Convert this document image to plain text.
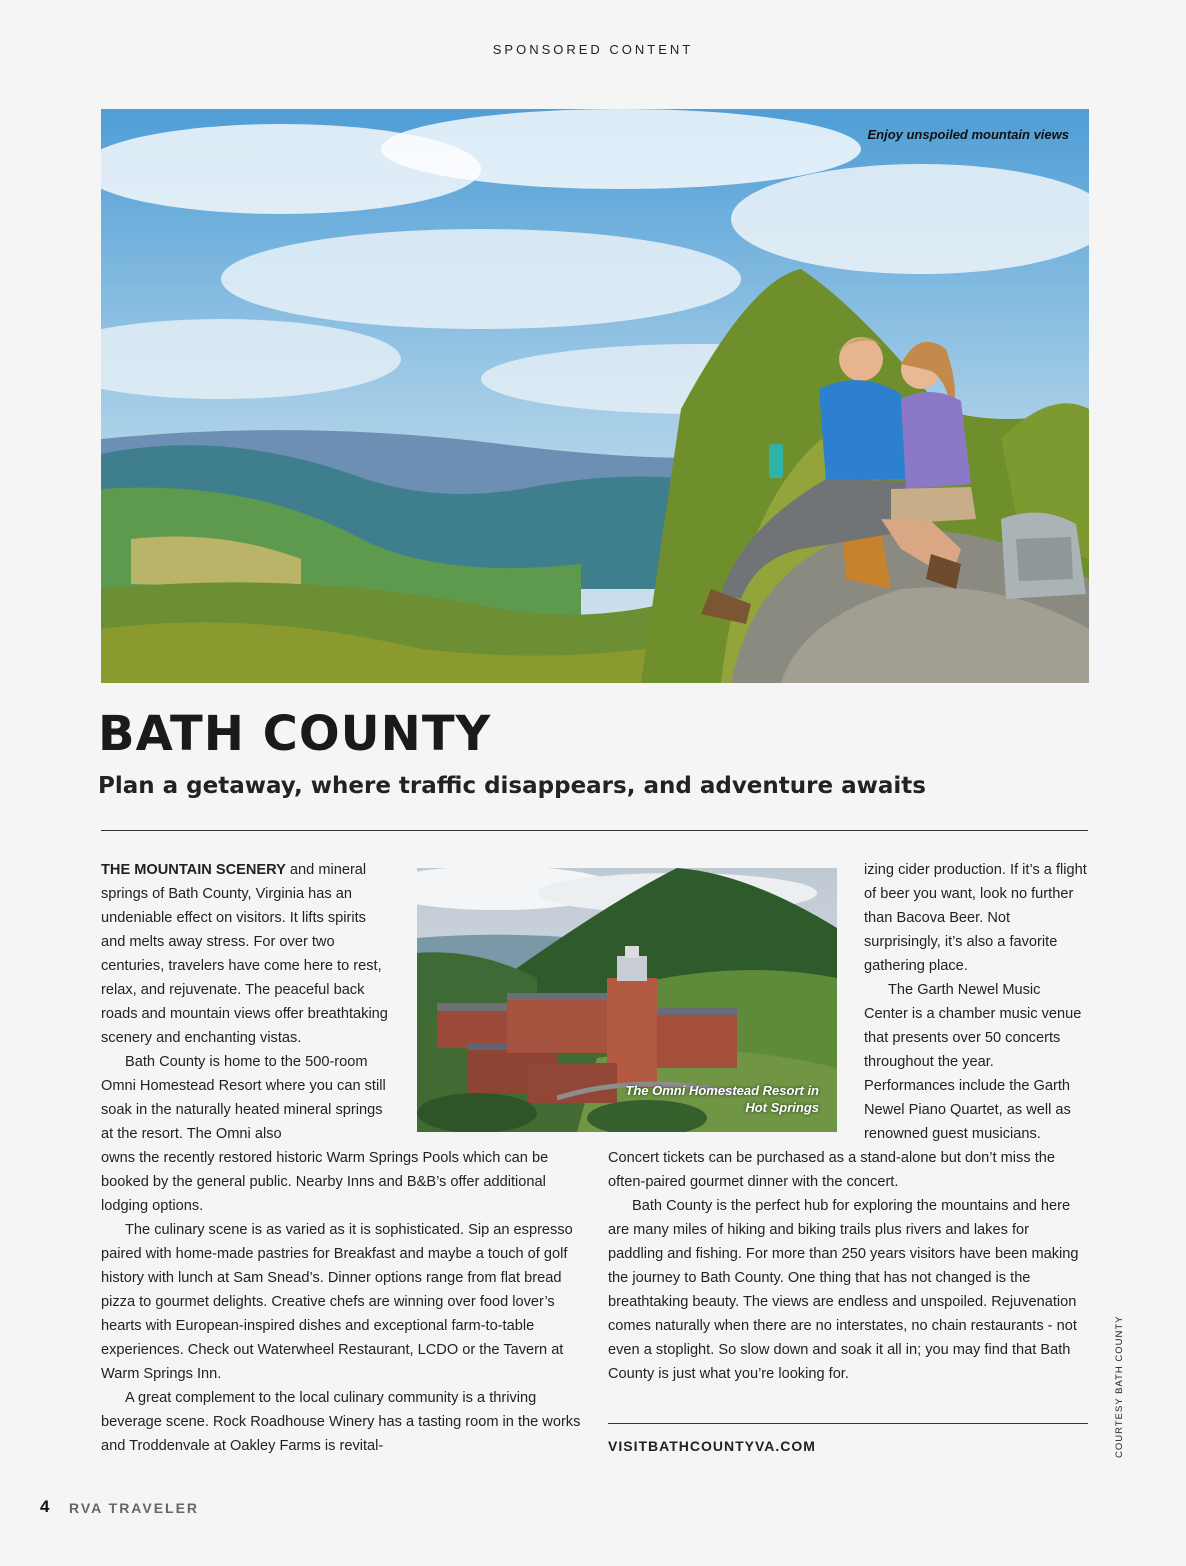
SPONSORED CONTENT
Enjoy unspoiled mountain views
BATH COUNTY
Plan a getaway, where traffic disappears, and adventure awaits

THE MOUNTAIN SCENERY and mineral springs of Bath County, Virginia has an undeniable effect on visitors. It lifts spirits and melts away stress. For over two centuries, travelers have come here to rest, relax, and rejuvenate. The peaceful back roads and mountain views offer breathtaking scenery and enchanting vistas.

Bath County is home to the 500-room Omni Homestead Resort where you can still soak in the naturally heated mineral springs at the resort. The Omni also

The Omni Homestead Resort in Hot Springs

izing cider production. If it’s a flight of beer you want, look no further than Bacova Beer. Not surprisingly, it’s also a favorite gathering place.

The Garth Newel Music Center is a chamber music venue that presents over 50 concerts throughout the year. Performances include the Garth Newel Piano Quartet, as well as renowned guest musicians.

owns the recently restored historic Warm Springs Pools which can be booked by the general public. Nearby Inns and B&B’s offer additional lodging options.

The culinary scene is as varied as it is sophisticated. Sip an espresso paired with home-made pastries for Breakfast and maybe a touch of golf history with lunch at Sam Snead’s. Dinner options range from flat bread pizza to gourmet delights. Creative chefs are winning over food lover’s hearts with European-inspired dishes and exceptional farm-to-table experiences. Check out Waterwheel Restaurant, LCDO or the Tavern at Warm Springs Inn.

A great complement to the local culinary community is a thriving beverage scene. Rock Roadhouse Winery has a tasting room in the works and Troddenvale at Oakley Farms is revital-

Concert tickets can be purchased as a stand-alone but don’t miss the often-paired gourmet dinner with the concert.

Bath County is the perfect hub for exploring the mountains and here are many miles of hiking and biking trails plus rivers and lakes for paddling and fishing. For more than 250 years visitors have been making the journey to Bath County. One thing that has not changed is the breathtaking beauty. The views are endless and unspoiled. Rejuvenation comes naturally when there are no interstates, no chain restaurants - not even a stoplight. So slow down and soak it all in; you may find that Bath County is just what you’re looking for.

VISITBATHCOUNTYVA.COM	COURTESY BATH COUNTY
4 RVA TRAVELER
